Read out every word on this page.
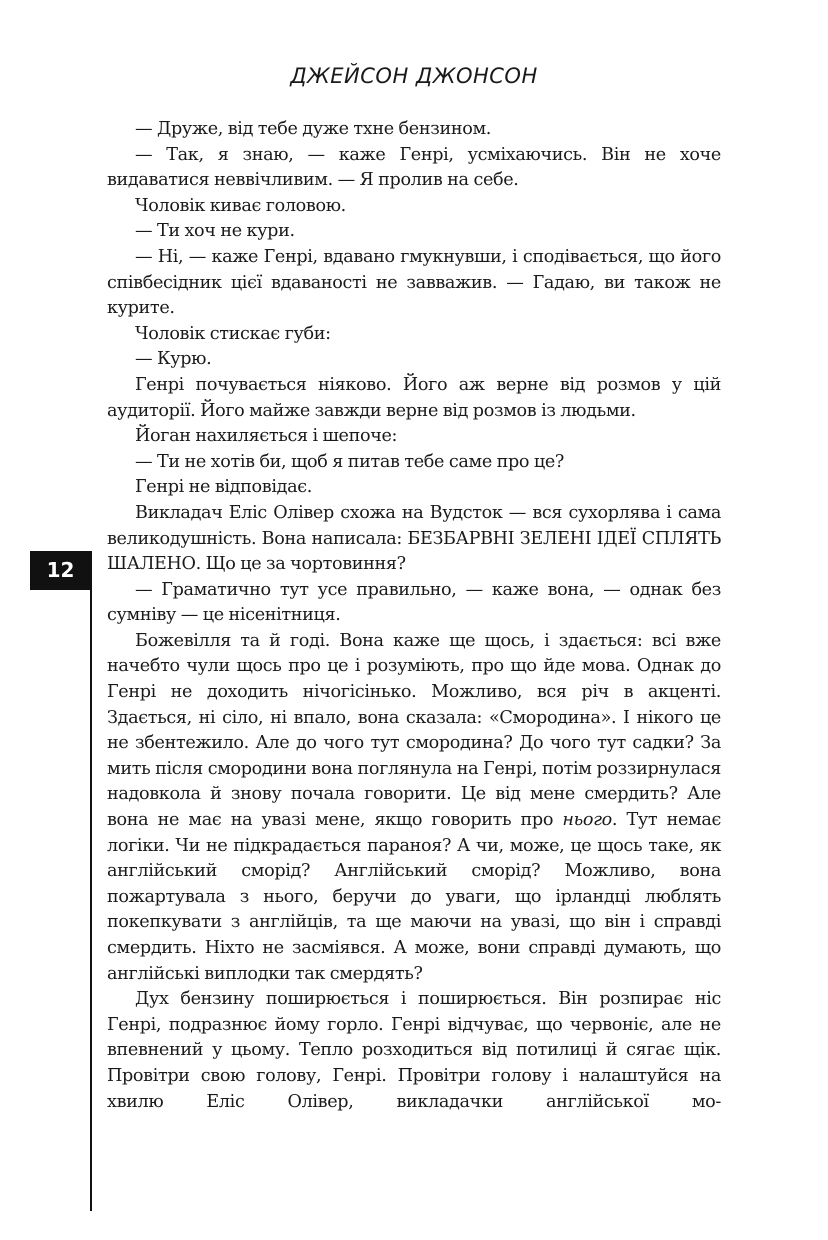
ДЖЕЙСОН ДЖОНСОН
12

— Друже, від тебе дуже тхне бензином.

— Так, я знаю, — каже Генрі, усміхаючись. Він не хоче видаватися неввічливим. — Я пролив на себе.

Чоловік киває головою.

— Ти хоч не кури.

— Ні, — каже Генрі, вдавано гмукнувши, і сподівається, що його співбесідник цієї вдаваності не завважив. — Гадаю, ви також не курите.

Чоловік стискає губи:

— Курю.

Генрі почувається ніяково. Його аж верне від розмов у цій аудиторії. Його майже завжди верне від розмов із людьми.

Йоган нахиляється і шепоче:

— Ти не хотів би, щоб я питав тебе саме про це?

Генрі не відповідає.

Викладач Еліс Олівер схожа на Вудсток — вся сухорлява і сама великодушність. Вона написала: БЕЗБАРВНІ ЗЕЛЕНІ ІДЕЇ СПЛЯТЬ ШАЛЕНО. Що це за чортовиння?

— Граматично тут усе правильно, — каже вона, — однак без сумніву — це нісенітниця.

Божевілля та й годі. Вона каже ще щось, і здається: всі вже начебто чули щось про це і розуміють, про що йде мова. Однак до Генрі не доходить нічогісінько. Можливо, вся річ в акценті. Здається, ні сіло, ні впало, вона сказала: «Смородина». І нікого це не збентежило. Але до чого тут смородина? До чого тут садки? За мить після смородини вона поглянула на Генрі, потім роззирнулася надовкола й знову почала говорити. Це від мене смердить? Але вона не має на увазі мене, якщо говорить про нього. Тут немає логіки. Чи не підкрадається параноя? А чи, може, це щось таке, як англійський сморід? Англійський сморід? Можливо, вона пожартувала з нього, беручи до уваги, що ірландці люблять покепкувати з англійців, та ще маючи на увазі, що він і справді смердить. Ніхто не засміявся. А може, вони справді думають, що англійські виплодки так смердять?

Дух бензину поширюється і поширюється. Він розпирає ніс Генрі, подразнює йому горло. Генрі відчуває, що червоніє, але не впевнений у цьому. Тепло розходиться від потилиці й сягає щік. Провітри свою голову, Генрі. Провітри голову і налаштуйся на хвилю Еліс Олівер, викладачки англійської мо-
